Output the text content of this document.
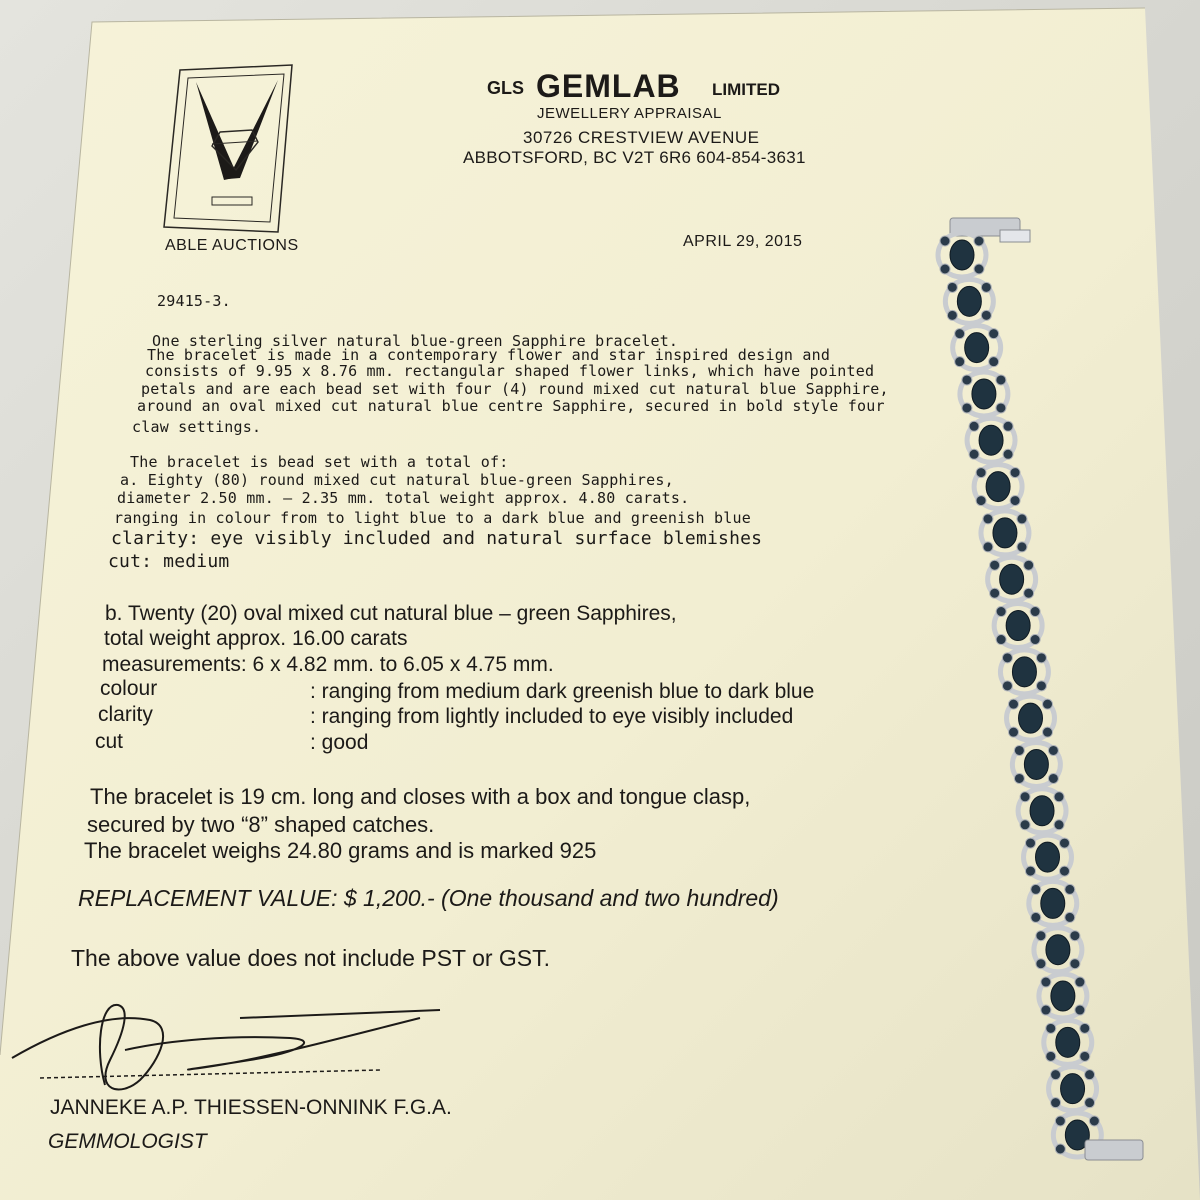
GLS GEMLAB LIMITED
JEWELLERY APPRAISAL
30726 CRESTVIEW AVENUE
ABBOTSFORD, BC V2T 6R6 604-854-3631
ABLE AUCTIONS	APRIL 29, 2015
29415-3.
One sterling silver natural blue-green Sapphire bracelet.
The bracelet is made in a contemporary flower and star inspired design and
consists of 9.95 x 8.76 mm. rectangular shaped flower links, which have pointed
petals and are each bead set with four (4) round mixed cut natural blue Sapphire,
around an oval mixed cut natural blue centre Sapphire, secured in bold style four
claw settings.
The bracelet is bead set with a total of:
a. Eighty (80) round mixed cut natural blue-green Sapphires,
diameter 2.50 mm. – 2.35 mm. total weight approx. 4.80 carats.
ranging in colour from to light blue to a dark blue and greenish blue
clarity: eye visibly included and natural surface blemishes
cut: medium
b. Twenty (20) oval mixed cut natural blue – green Sapphires,
total weight approx. 16.00 carats
measurements: 6 x 4.82 mm. to 6.05 x 4.75 mm.
colour	: ranging from medium dark greenish blue to dark blue
clarity	: ranging from lightly included to eye visibly included
cut	: good
The bracelet is 19 cm. long and closes with a box and tongue clasp,
secured by two “8” shaped catches.
The bracelet weighs 24.80 grams and is marked 925
REPLACEMENT VALUE: $ 1,200.- (One thousand and two hundred)
The above value does not include PST or GST.
JANNEKE A.P. THIESSEN-ONNINK F.G.A.
GEMMOLOGIST
